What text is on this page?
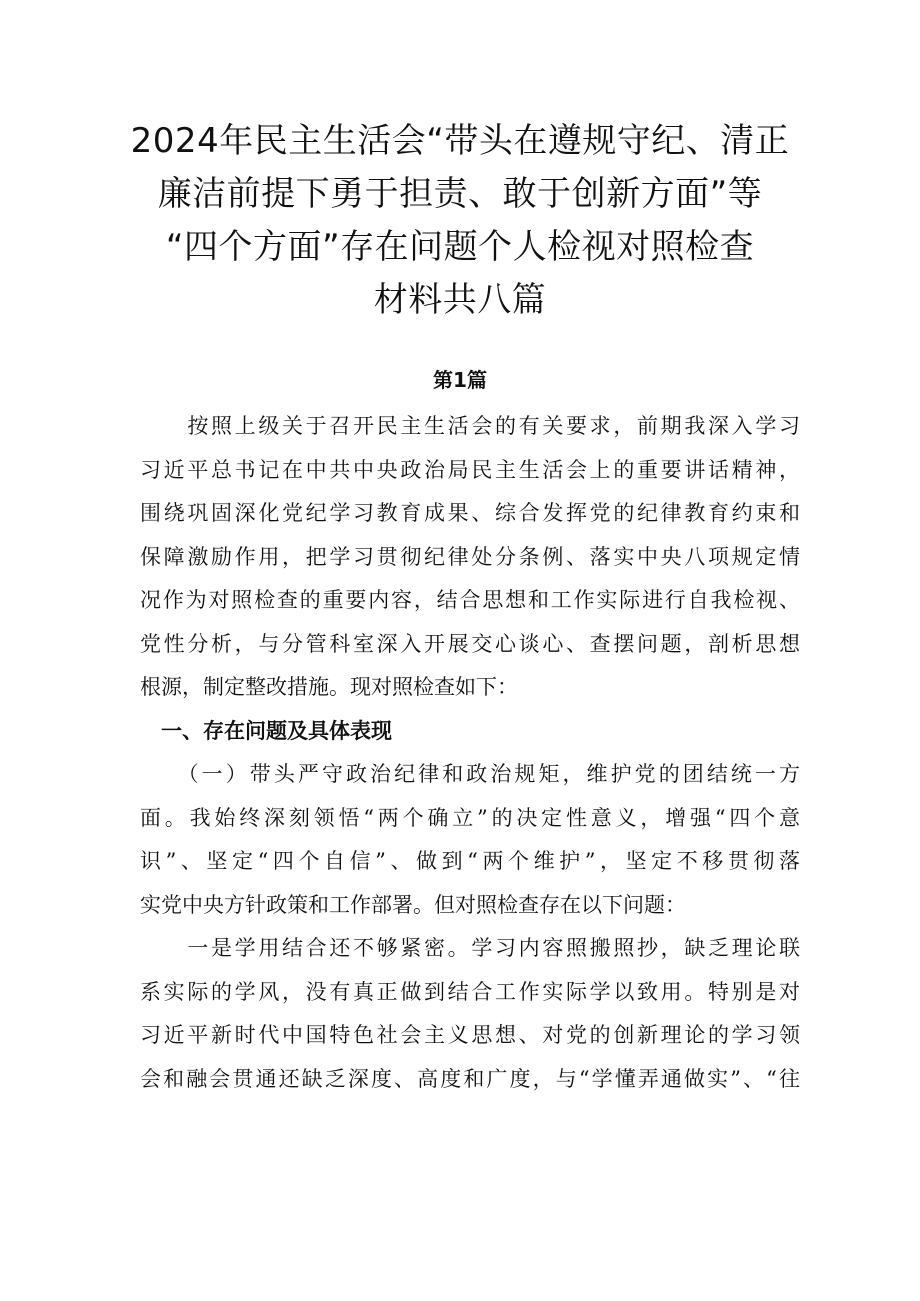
2024年民主生活会“带头在遵规守纪、清正
廉洁前提下勇于担责、敢于创新方面”等
“四个方面”存在问题个人检视对照检查
材料共八篇
第1篇
　　按照上级关于召开民主生活会的有关要求，前期我深入学习
习近平总书记在中共中央政治局民主生活会上的重要讲话精神，
围绕巩固深化党纪学习教育成果、综合发挥党的纪律教育约束和
保障激励作用，把学习贯彻纪律处分条例、落实中央八项规定情
况作为对照检查的重要内容，结合思想和工作实际进行自我检视、
党性分析，与分管科室深入开展交心谈心、查摆问题，剖析思想
根源，制定整改措施。现对照检查如下：
　一、存在问题及具体表现
　　（一）带头严守政治纪律和政治规矩，维护党的团结统一方
面。我始终深刻领悟“两个确立”的决定性意义，增强“四个意
识”、坚定“四个自信”、做到“两个维护”，坚定不移贯彻落
实党中央方针政策和工作部署。但对照检查存在以下问题：
　　一是学用结合还不够紧密。学习内容照搬照抄，缺乏理论联
系实际的学风，没有真正做到结合工作实际学以致用。特别是对
习近平新时代中国特色社会主义思想、对党的创新理论的学习领
会和融会贯通还缺乏深度、高度和广度，与“学懂弄通做实”、“往
